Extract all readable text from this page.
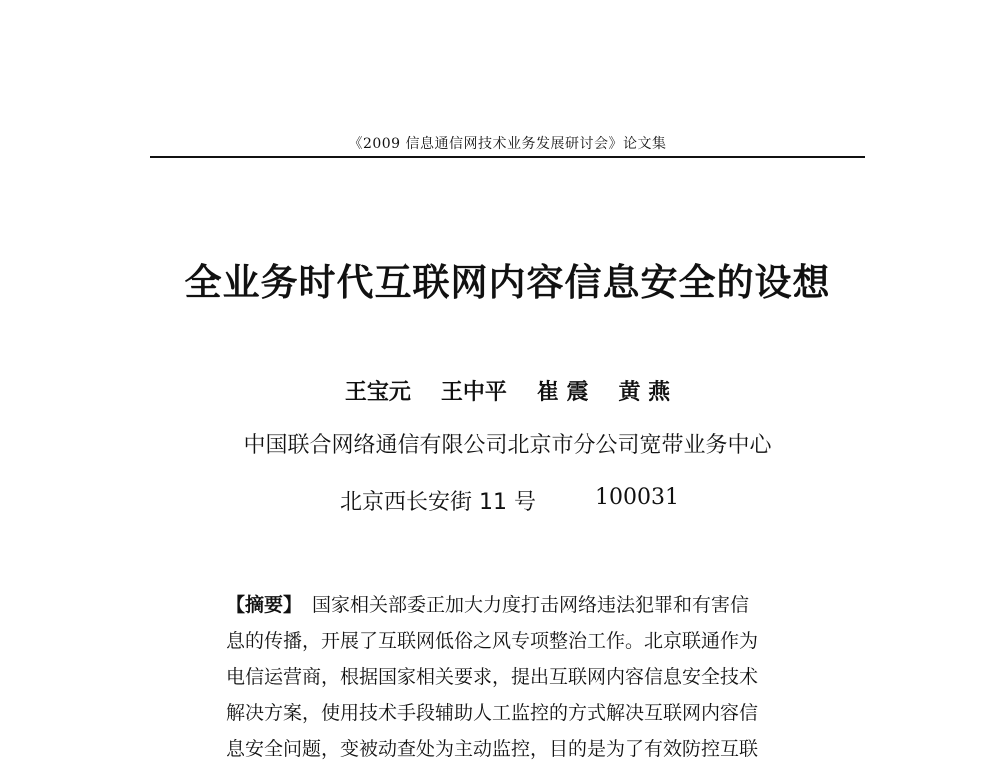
《2009 信息通信网技术业务发展研讨会》论文集
全业务时代互联网内容信息安全的设想
王宝元 王中平 崔 震 黄 燕
中国联合网络通信有限公司北京市分公司宽带业务中心
北京西长安街 11 号	100031
【摘要】 国家相关部委正加大力度打击网络违法犯罪和有害信
息的传播，开展了互联网低俗之风专项整治工作。北京联通作为
电信运营商，根据国家相关要求，提出互联网内容信息安全技术
解决方案，使用技术手段辅助人工监控的方式解决互联网内容信
息安全问题，变被动查处为主动监控，目的是为了有效防控互联
